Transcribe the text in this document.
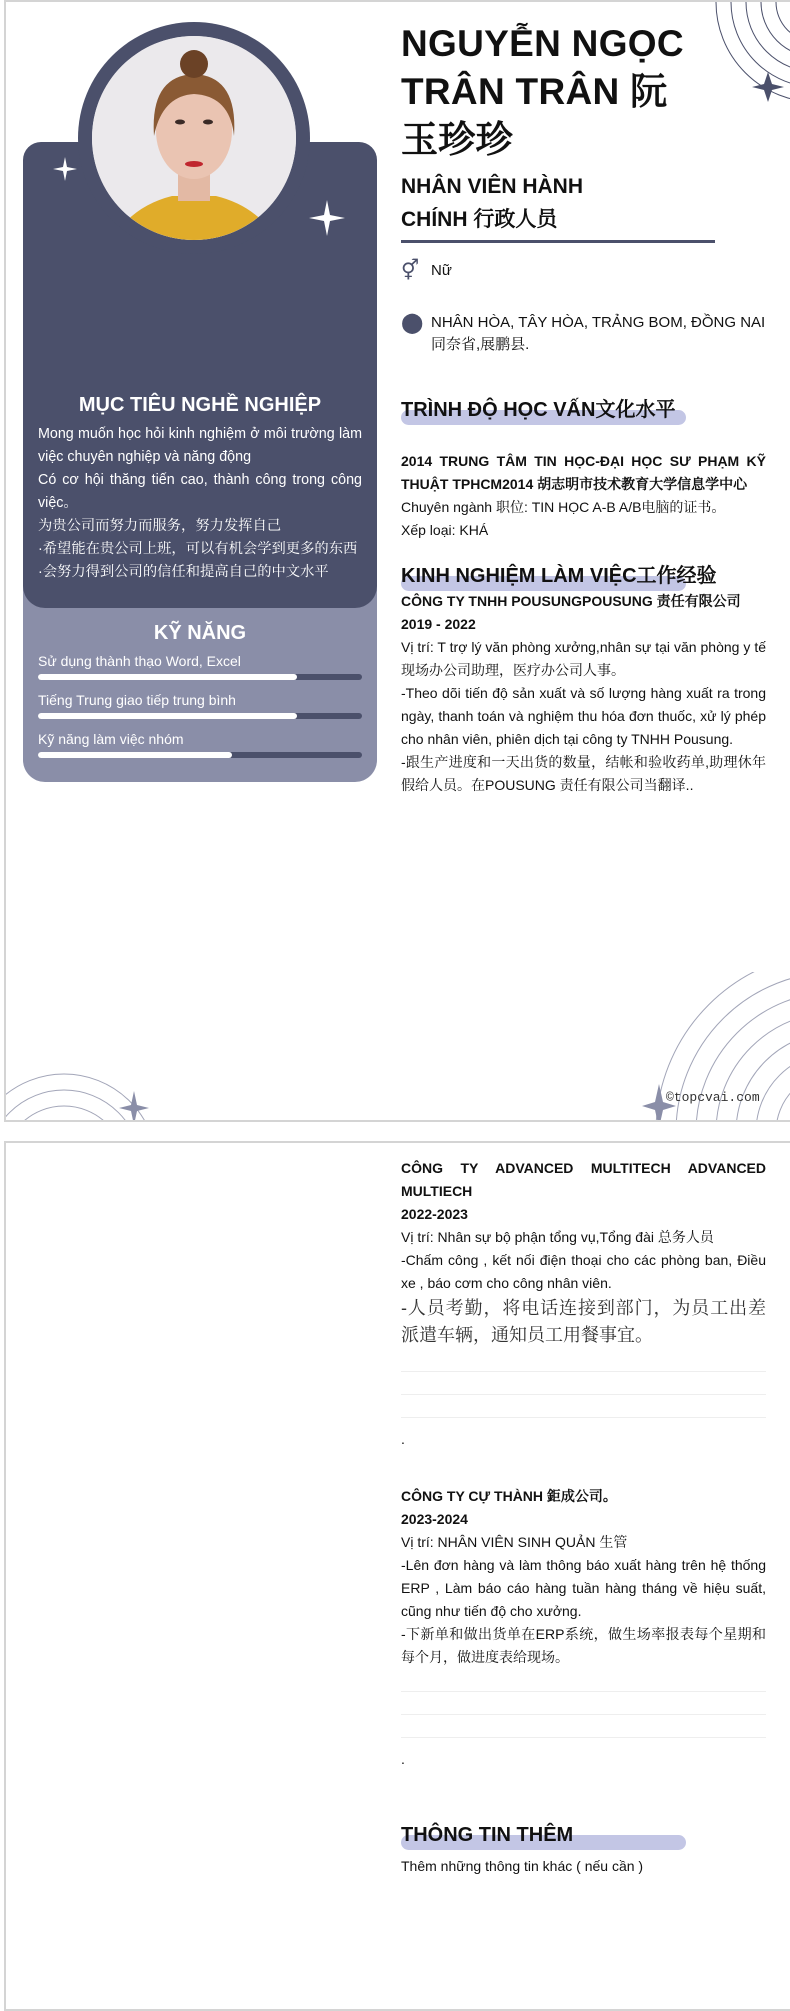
©topcvai.com
MỤC TIÊU NGHỀ NGHIỆP

Mong muốn học hỏi kinh nghiệm ở môi trường làm việc chuyên nghiệp và năng động

Có cơ hội thăng tiến cao, thành công trong công việc。

为贵公司而努力而服务，努力发挥自己

·希望能在贵公司上班，可以有机会学到更多的东西

·会努力得到公司的信任和提高自己的中文水平

KỸ NĂNG
Sử dụng thành thạo Word, Excel
Tiếng Trung giao tiếp trung bình
Kỹ năng làm việc nhóm
NGUYỄN NGỌC TRÂN TRÂN 阮玉珍珍
NHÂN VIÊN HÀNH CHÍNH 行政人员
⚥ Nữ
⬤ NHÂN HÒA, TÂY HÒA, TRẢNG BOM, ĐỒNG NAI 同奈省,展鹏县.
TRÌNH ĐỘ HỌC VẤN文化水平
2014 TRUNG TÂM TIN HỌC-ĐẠI HỌC SƯ PHẠM KỸ THUẬT TPHCM2014 胡志明市技术教育大学信息学中心
Chuyên ngành 职位: TIN HỌC A-B A/B电脑的证书。
Xếp loại: KHÁ
KINH NGHIỆM LÀM VIỆC工作经验
CÔNG TY TNHH POUSUNGPOUSUNG 责任有限公司
2019 - 2022
Vị trí: T trợ lý văn phòng xưởng,nhân sự tại văn phòng y tế 现场办公司助理，医疗办公司人事。
-Theo dõi tiến độ sản xuất và số lượng hàng xuất ra trong ngày, thanh toán và nghiệm thu hóa đơn thuốc, xử lý phép cho nhân viên, phiên dịch tại công ty TNHH Pousung.
-跟生产进度和一天出货的数量，结帐和验收药单,助理休年假给人员。在POUSUNG 责任有限公司当翻译..
CÔNG TY ADVANCED MULTITECH ADVANCED MULTIECH
2022-2023
Vị trí: Nhân sự bộ phận tổng vụ,Tổng đài 总务人员
-Chấm công , kết nối điện thoại cho các phòng ban, Điều xe , báo cơm cho công nhân viên.
-人员考勤，将电话连接到部门，为员工出差派遣车辆，通知员工用餐事宜。
.
CÔNG TY CỰ THÀNH 鉅成公司。
2023-2024
Vị trí: NHÂN VIÊN SINH QUẢN 生管
-Lên đơn hàng và làm thông báo xuất hàng trên hệ thống ERP , Làm báo cáo hàng tuần hàng tháng về hiệu suất, cũng như tiến độ cho xưởng.
-下新单和做出货单在ERP系统，做生场率报表每个星期和每个月，做进度表给现场。
.
THÔNG TIN THÊM
Thêm những thông tin khác ( nếu cần )
